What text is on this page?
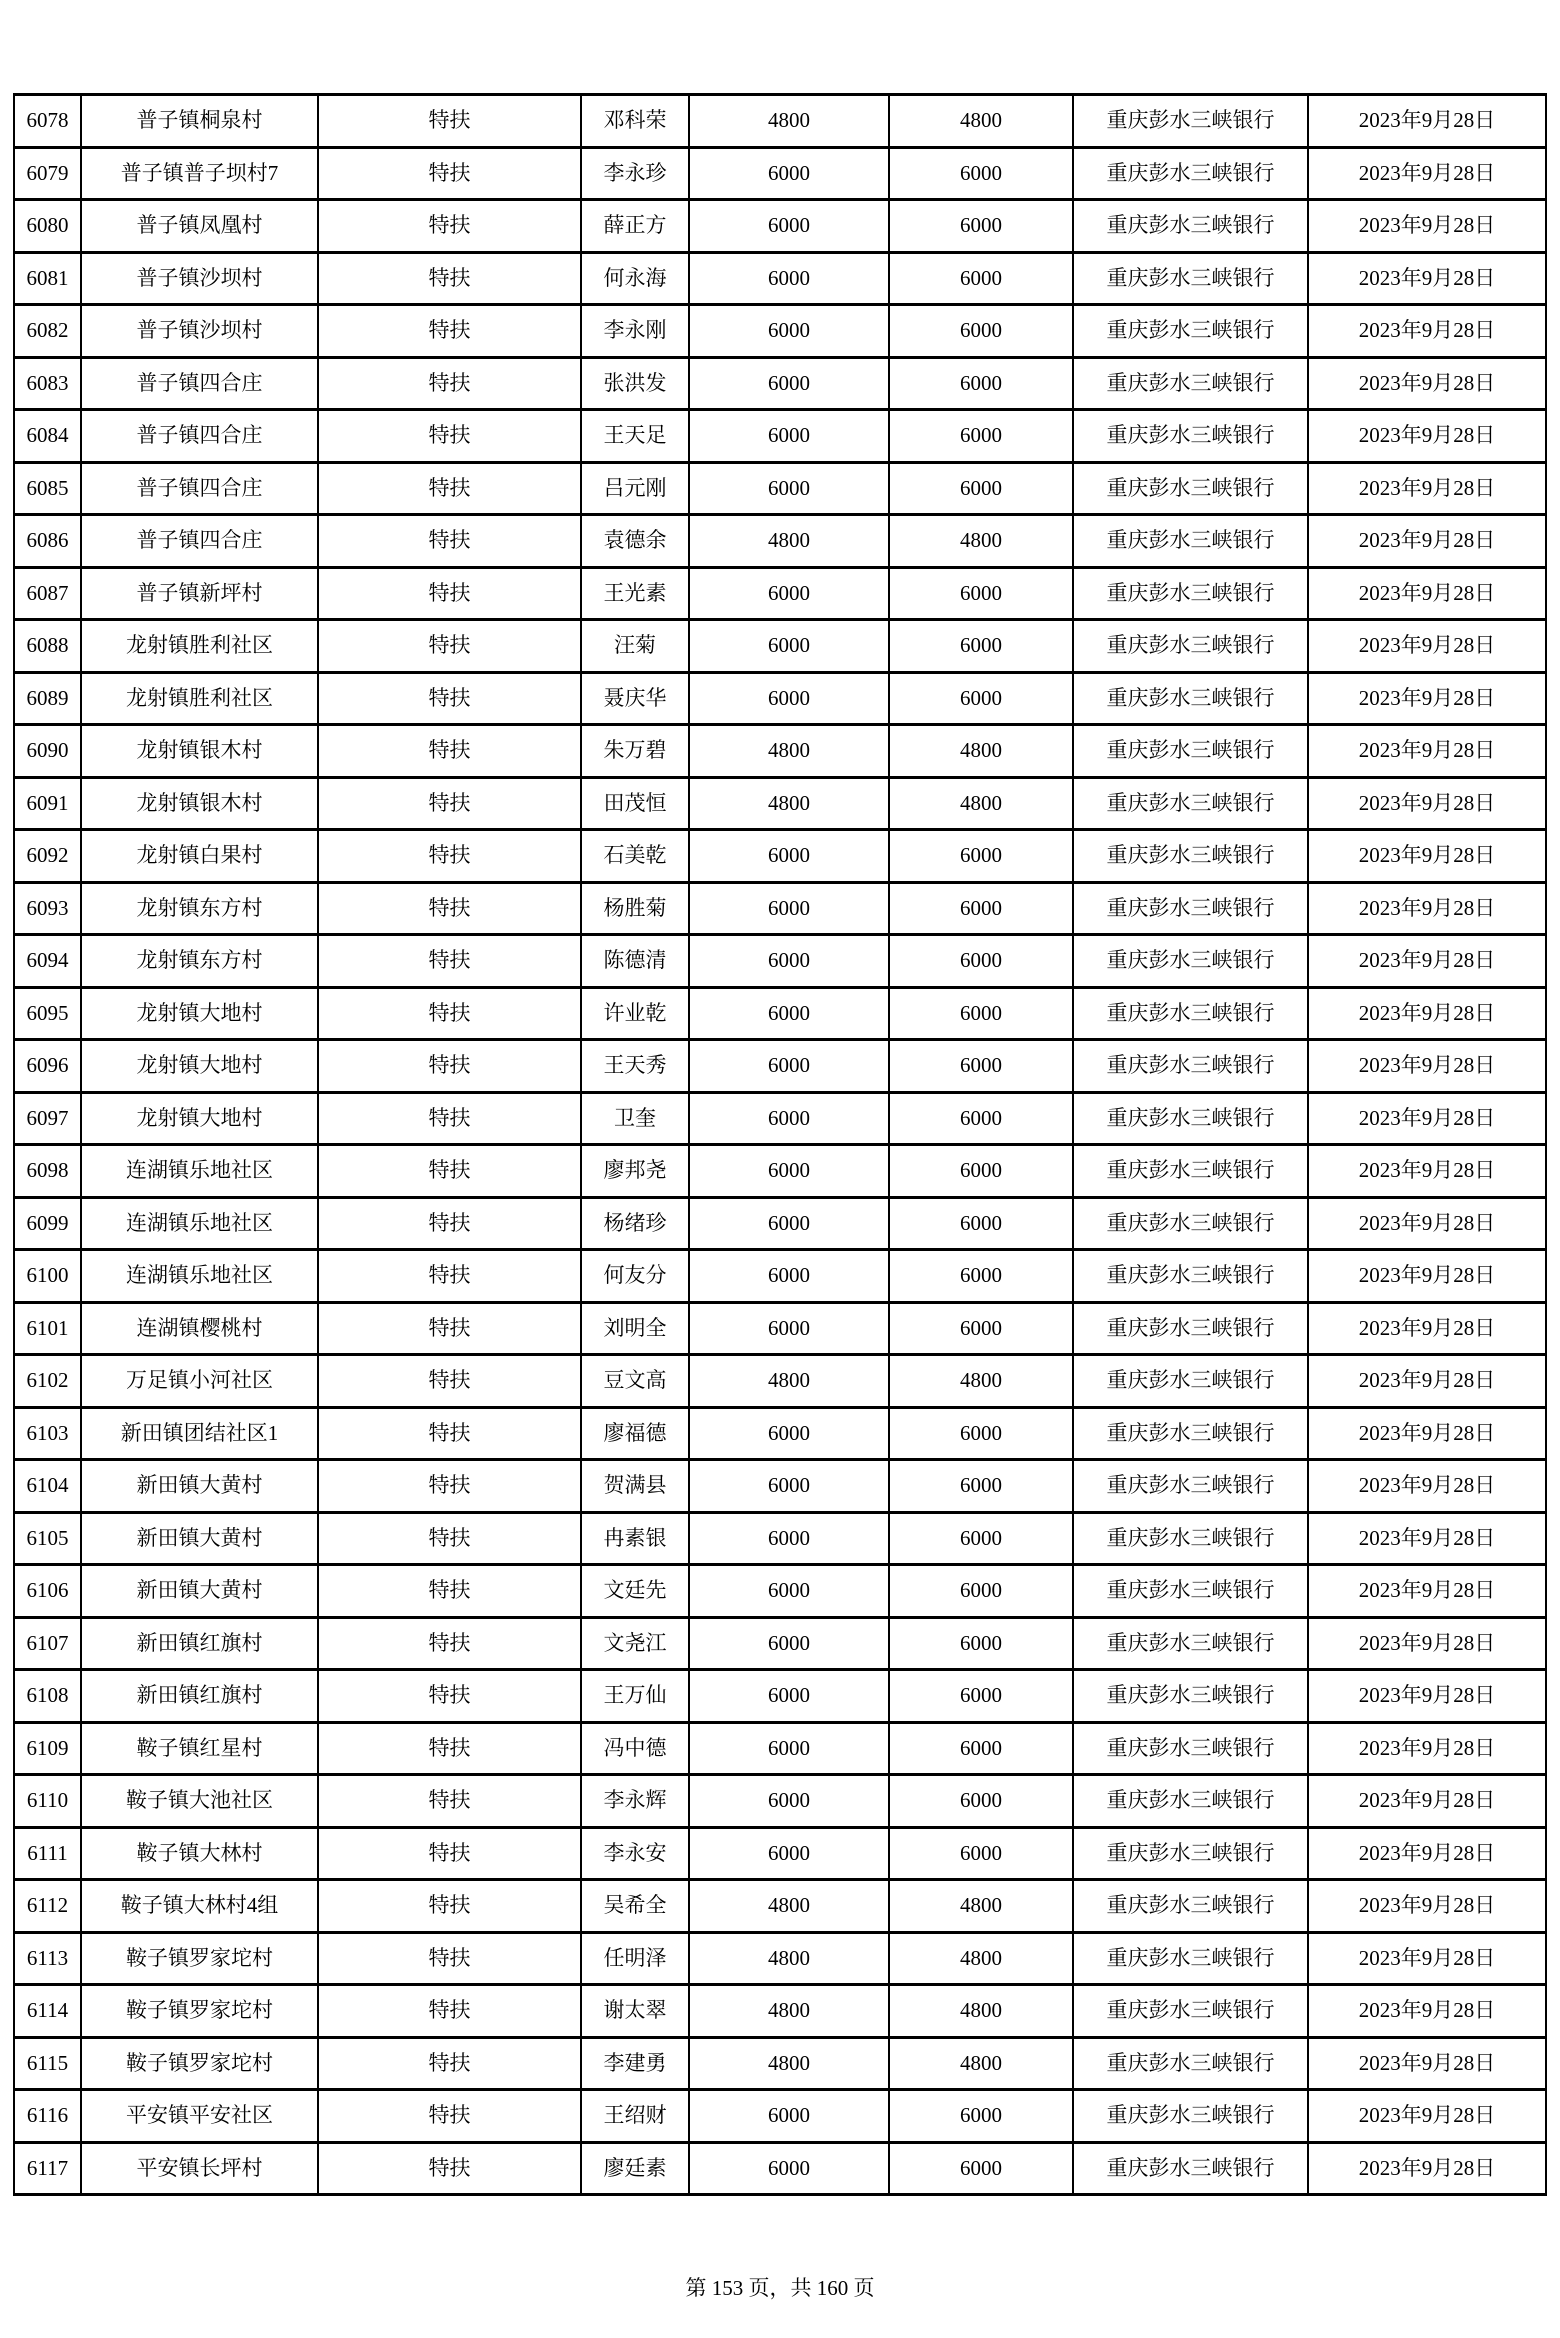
6078	普子镇桐泉村	特扶	邓科荣	4800	4800	重庆彭水三峡银行	2023年9月28日
6079	普子镇普子坝村7	特扶	李永珍	6000	6000	重庆彭水三峡银行	2023年9月28日
6080	普子镇凤凰村	特扶	薛正方	6000	6000	重庆彭水三峡银行	2023年9月28日
6081	普子镇沙坝村	特扶	何永海	6000	6000	重庆彭水三峡银行	2023年9月28日
6082	普子镇沙坝村	特扶	李永刚	6000	6000	重庆彭水三峡银行	2023年9月28日
6083	普子镇四合庄	特扶	张洪发	6000	6000	重庆彭水三峡银行	2023年9月28日
6084	普子镇四合庄	特扶	王天足	6000	6000	重庆彭水三峡银行	2023年9月28日
6085	普子镇四合庄	特扶	吕元刚	6000	6000	重庆彭水三峡银行	2023年9月28日
6086	普子镇四合庄	特扶	袁德余	4800	4800	重庆彭水三峡银行	2023年9月28日
6087	普子镇新坪村	特扶	王光素	6000	6000	重庆彭水三峡银行	2023年9月28日
6088	龙射镇胜利社区	特扶	汪菊	6000	6000	重庆彭水三峡银行	2023年9月28日
6089	龙射镇胜利社区	特扶	聂庆华	6000	6000	重庆彭水三峡银行	2023年9月28日
6090	龙射镇银木村	特扶	朱万碧	4800	4800	重庆彭水三峡银行	2023年9月28日
6091	龙射镇银木村	特扶	田茂恒	4800	4800	重庆彭水三峡银行	2023年9月28日
6092	龙射镇白果村	特扶	石美乾	6000	6000	重庆彭水三峡银行	2023年9月28日
6093	龙射镇东方村	特扶	杨胜菊	6000	6000	重庆彭水三峡银行	2023年9月28日
6094	龙射镇东方村	特扶	陈德清	6000	6000	重庆彭水三峡银行	2023年9月28日
6095	龙射镇大地村	特扶	许业乾	6000	6000	重庆彭水三峡银行	2023年9月28日
6096	龙射镇大地村	特扶	王天秀	6000	6000	重庆彭水三峡银行	2023年9月28日
6097	龙射镇大地村	特扶	卫奎	6000	6000	重庆彭水三峡银行	2023年9月28日
6098	连湖镇乐地社区	特扶	廖邦尧	6000	6000	重庆彭水三峡银行	2023年9月28日
6099	连湖镇乐地社区	特扶	杨绪珍	6000	6000	重庆彭水三峡银行	2023年9月28日
6100	连湖镇乐地社区	特扶	何友分	6000	6000	重庆彭水三峡银行	2023年9月28日
6101	连湖镇樱桃村	特扶	刘明全	6000	6000	重庆彭水三峡银行	2023年9月28日
6102	万足镇小河社区	特扶	豆文高	4800	4800	重庆彭水三峡银行	2023年9月28日
6103	新田镇团结社区1	特扶	廖福德	6000	6000	重庆彭水三峡银行	2023年9月28日
6104	新田镇大黄村	特扶	贺满县	6000	6000	重庆彭水三峡银行	2023年9月28日
6105	新田镇大黄村	特扶	冉素银	6000	6000	重庆彭水三峡银行	2023年9月28日
6106	新田镇大黄村	特扶	文廷先	6000	6000	重庆彭水三峡银行	2023年9月28日
6107	新田镇红旗村	特扶	文尧江	6000	6000	重庆彭水三峡银行	2023年9月28日
6108	新田镇红旗村	特扶	王万仙	6000	6000	重庆彭水三峡银行	2023年9月28日
6109	鞍子镇红星村	特扶	冯中德	6000	6000	重庆彭水三峡银行	2023年9月28日
6110	鞍子镇大池社区	特扶	李永辉	6000	6000	重庆彭水三峡银行	2023年9月28日
6111	鞍子镇大林村	特扶	李永安	6000	6000	重庆彭水三峡银行	2023年9月28日
6112	鞍子镇大林村4组	特扶	吴希全	4800	4800	重庆彭水三峡银行	2023年9月28日
6113	鞍子镇罗家坨村	特扶	任明泽	4800	4800	重庆彭水三峡银行	2023年9月28日
6114	鞍子镇罗家坨村	特扶	谢太翠	4800	4800	重庆彭水三峡银行	2023年9月28日
6115	鞍子镇罗家坨村	特扶	李建勇	4800	4800	重庆彭水三峡银行	2023年9月28日
6116	平安镇平安社区	特扶	王绍财	6000	6000	重庆彭水三峡银行	2023年9月28日
6117	平安镇长坪村	特扶	廖廷素	6000	6000	重庆彭水三峡银行	2023年9月28日
第 153 页，共 160 页
